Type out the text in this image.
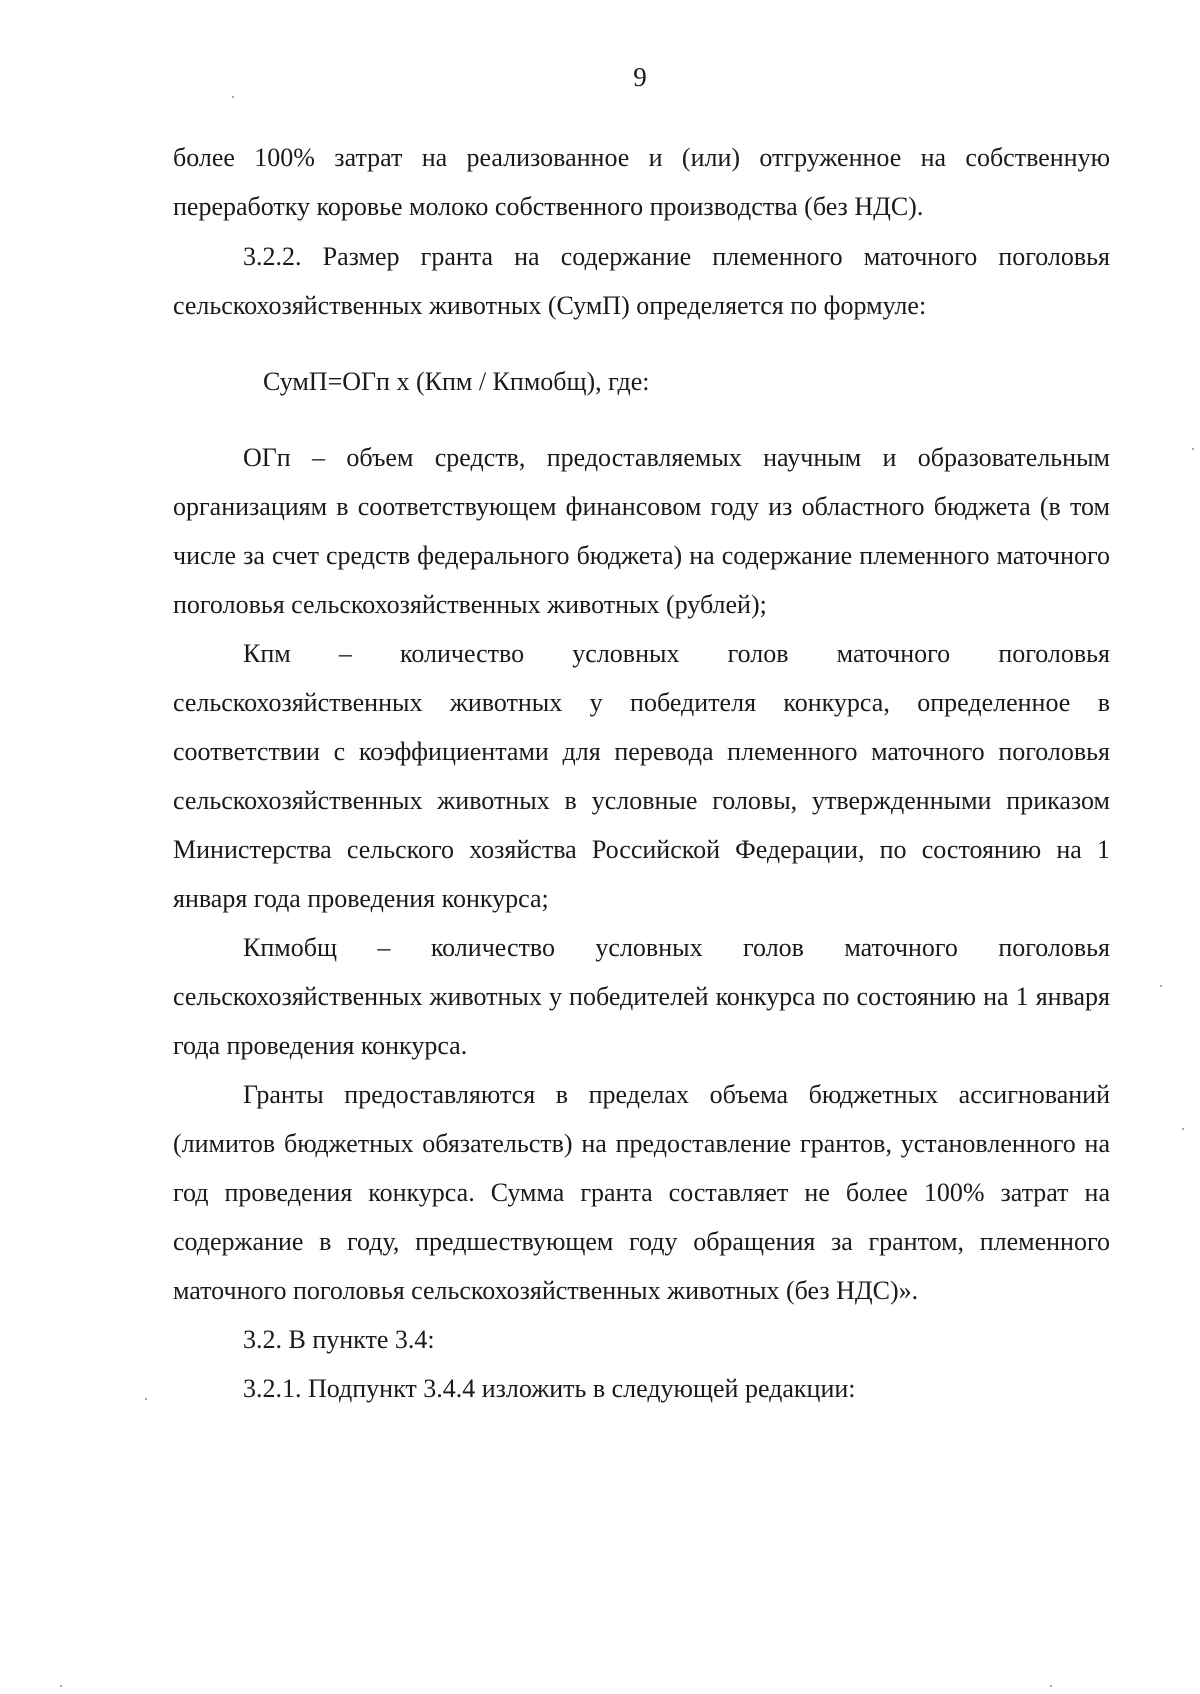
9

более 100% затрат на реализованное и (или) отгруженное на собственную переработку коровье молоко собственного производства (без НДС).

3.2.2. Размер гранта на содержание племенного маточного поголовья сельскохозяйственных животных (СумП) определяется по формуле:

СумП=ОГп x (Кпм / Кпмобщ), где:

ОГп – объем средств, предоставляемых научным и образовательным организациям в соответствующем финансовом году из областного бюджета (в том числе за счет средств федерального бюджета) на содержание племенного маточного поголовья сельскохозяйственных животных (рублей);

Кпм – количество условных голов маточного поголовья сельскохозяйственных животных у победителя конкурса, определенное в соответствии с коэффициентами для перевода племенного маточного поголовья сельскохозяйственных животных в условные головы, утвержденными приказом Министерства сельского хозяйства Российской Федерации, по состоянию на 1 января года проведения конкурса;

Кпмобщ – количество условных голов маточного поголовья сельскохозяйственных животных у победителей конкурса по состоянию на 1 января года проведения конкурса.

Гранты предоставляются в пределах объема бюджетных ассигнований (лимитов бюджетных обязательств) на предоставление грантов, установленного на год проведения конкурса. Сумма гранта составляет не более 100% затрат на содержание в году, предшествующем году обращения за грантом, племенного маточного поголовья сельскохозяйственных животных (без НДС)».

3.2. В пункте 3.4:

3.2.1. Подпункт 3.4.4 изложить в следующей редакции:
